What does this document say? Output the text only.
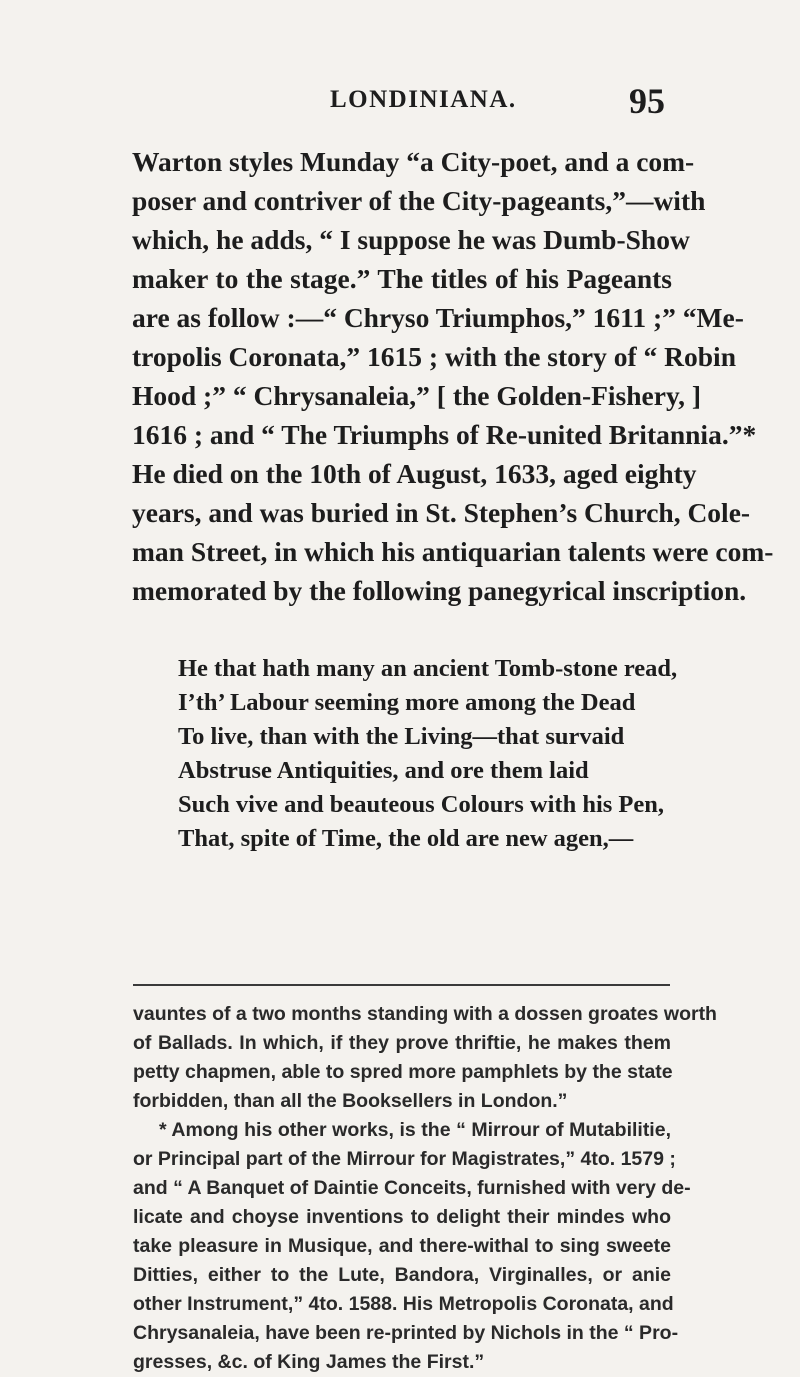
LONDINIANA.	95
Warton styles Munday “a City-poet, and a com-
poser and contriver of the City-pageants,”—with
which, he adds, “ I suppose he was Dumb-Show
maker to the stage.” The titles of his Pageants
are as follow :—“ Chryso Triumphos,” 1611 ;” “Me-
tropolis Coronata,” 1615 ; with the story of “ Robin
Hood ;” “ Chrysanaleia,” [ the Golden-Fishery, ]
1616 ; and “ The Triumphs of Re-united Britannia.”*
He died on the 10th of August, 1633, aged eighty
years, and was buried in St. Stephen’s Church, Cole-
man Street, in which his antiquarian talents were com-
memorated by the following panegyrical inscription.
He that hath many an ancient Tomb-stone read,
I’th’ Labour seeming more among the Dead
To live, than with the Living—that survaid
Abstruse Antiquities, and ore them laid
Such vive and beauteous Colours with his Pen,
That, spite of Time, the old are new agen,—
vauntes of a two months standing with a dossen groates worth
of Ballads. In which, if they prove thriftie, he makes them
petty chapmen, able to spred more pamphlets by the state
forbidden, than all the Booksellers in London.”
* Among his other works, is the “ Mirrour of Mutabilitie,
or Principal part of the Mirrour for Magistrates,” 4to. 1579 ;
and “ A Banquet of Daintie Conceits, furnished with very de-
licate and choyse inventions to delight their mindes who
take pleasure in Musique, and there-withal to sing sweete
Ditties, either to the Lute, Bandora, Virginalles, or anie
other Instrument,” 4to. 1588. His Metropolis Coronata, and
Chrysanaleia, have been re-printed by Nichols in the “ Pro-
gresses, &c. of King James the First.”
